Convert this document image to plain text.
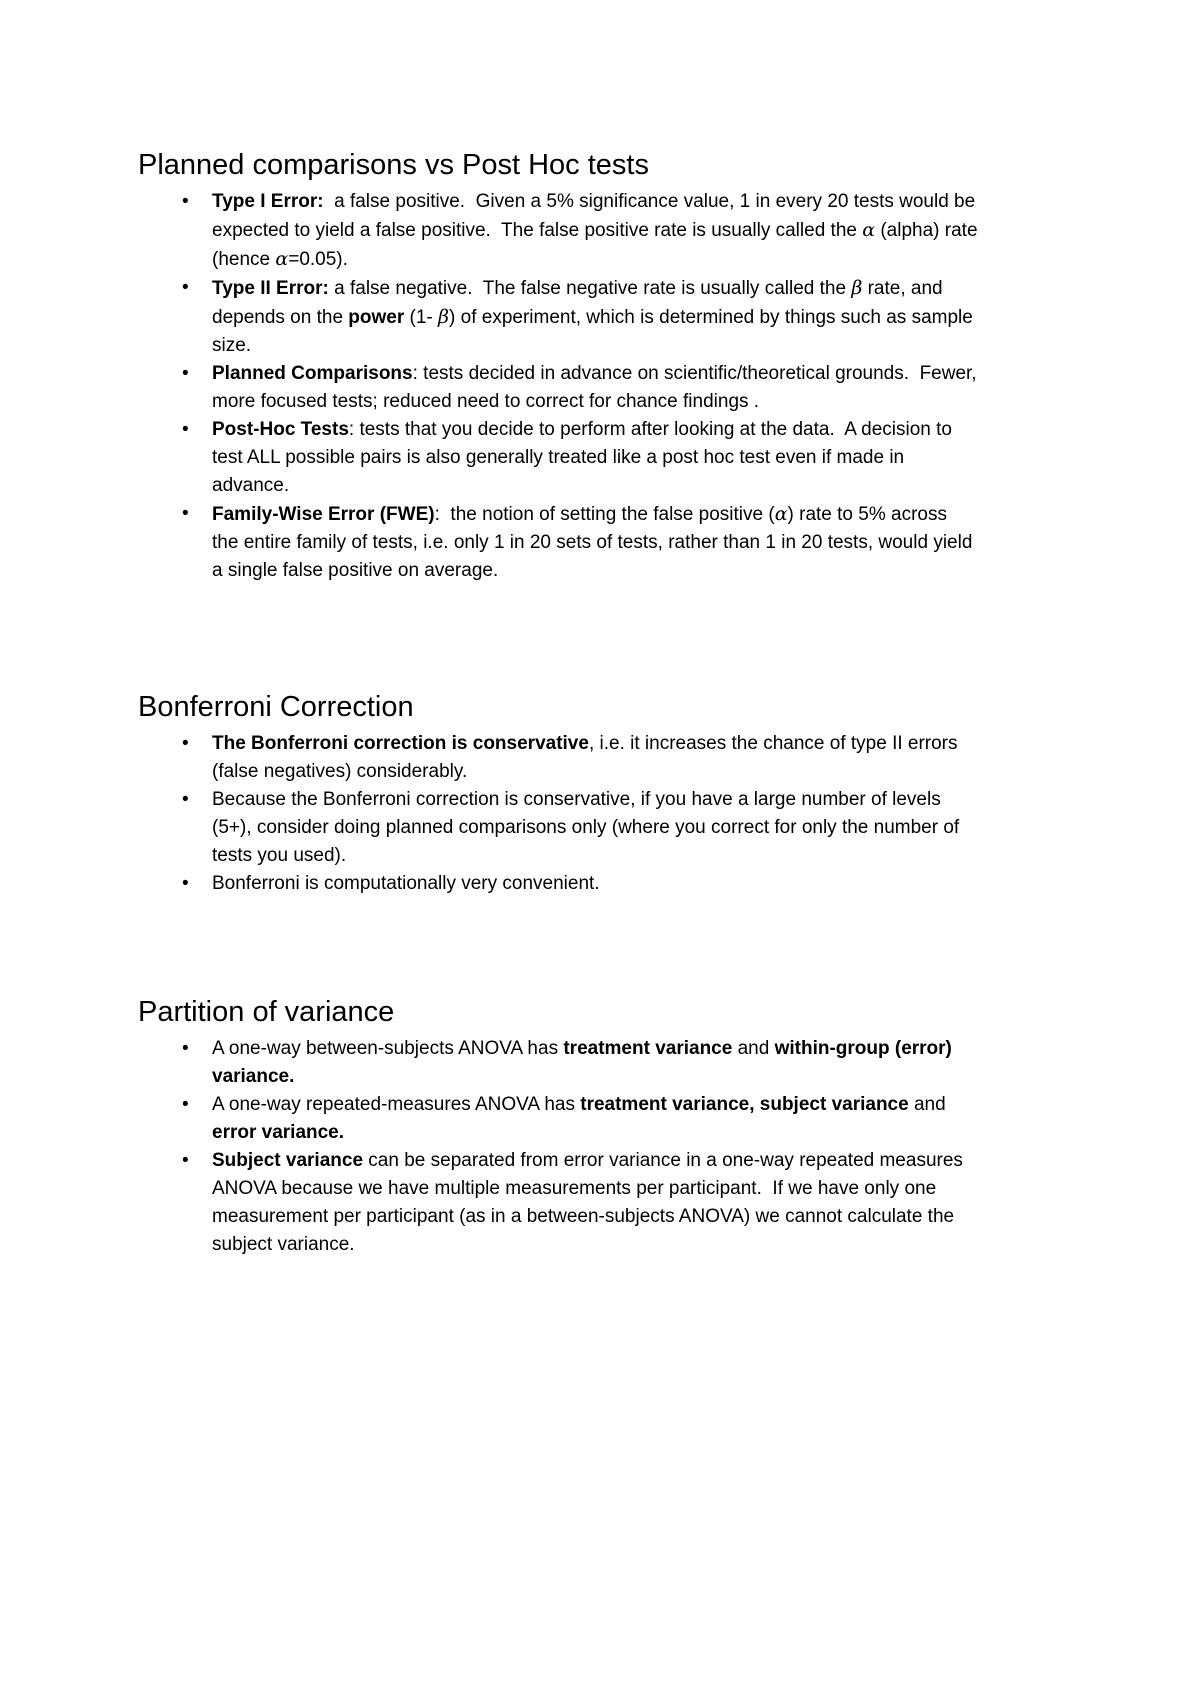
Planned comparisons vs Post Hoc tests
• Type I Error:  a false positive.  Given a 5% significance value, 1 in every 20 tests would be expected to yield a false positive.  The false positive rate is usually called the α (alpha) rate (hence α=0.05).
• Type II Error: a false negative.  The false negative rate is usually called the β rate, and depends on the power (1- β) of experiment, which is determined by things such as sample size.
• Planned Comparisons: tests decided in advance on scientific/theoretical grounds.  Fewer, more focused tests; reduced need to correct for chance findings .
• Post-Hoc Tests: tests that you decide to perform after looking at the data.  A decision to test ALL possible pairs is also generally treated like a post hoc test even if made in advance.
• Family-Wise Error (FWE):  the notion of setting the false positive (α) rate to 5% across the entire family of tests, i.e. only 1 in 20 sets of tests, rather than 1 in 20 tests, would yield a single false positive on average.
Bonferroni Correction
• The Bonferroni correction is conservative, i.e. it increases the chance of type II errors (false negatives) considerably.
• Because the Bonferroni correction is conservative, if you have a large number of levels (5+), consider doing planned comparisons only (where you correct for only the number of tests you used).
• Bonferroni is computationally very convenient.
Partition of variance
• A one-way between-subjects ANOVA has treatment variance and within-group (error) variance.
• A one-way repeated-measures ANOVA has treatment variance, subject variance and error variance.
• Subject variance can be separated from error variance in a one-way repeated measures ANOVA because we have multiple measurements per participant.  If we have only one measurement per participant (as in a between-subjects ANOVA) we cannot calculate the subject variance.
